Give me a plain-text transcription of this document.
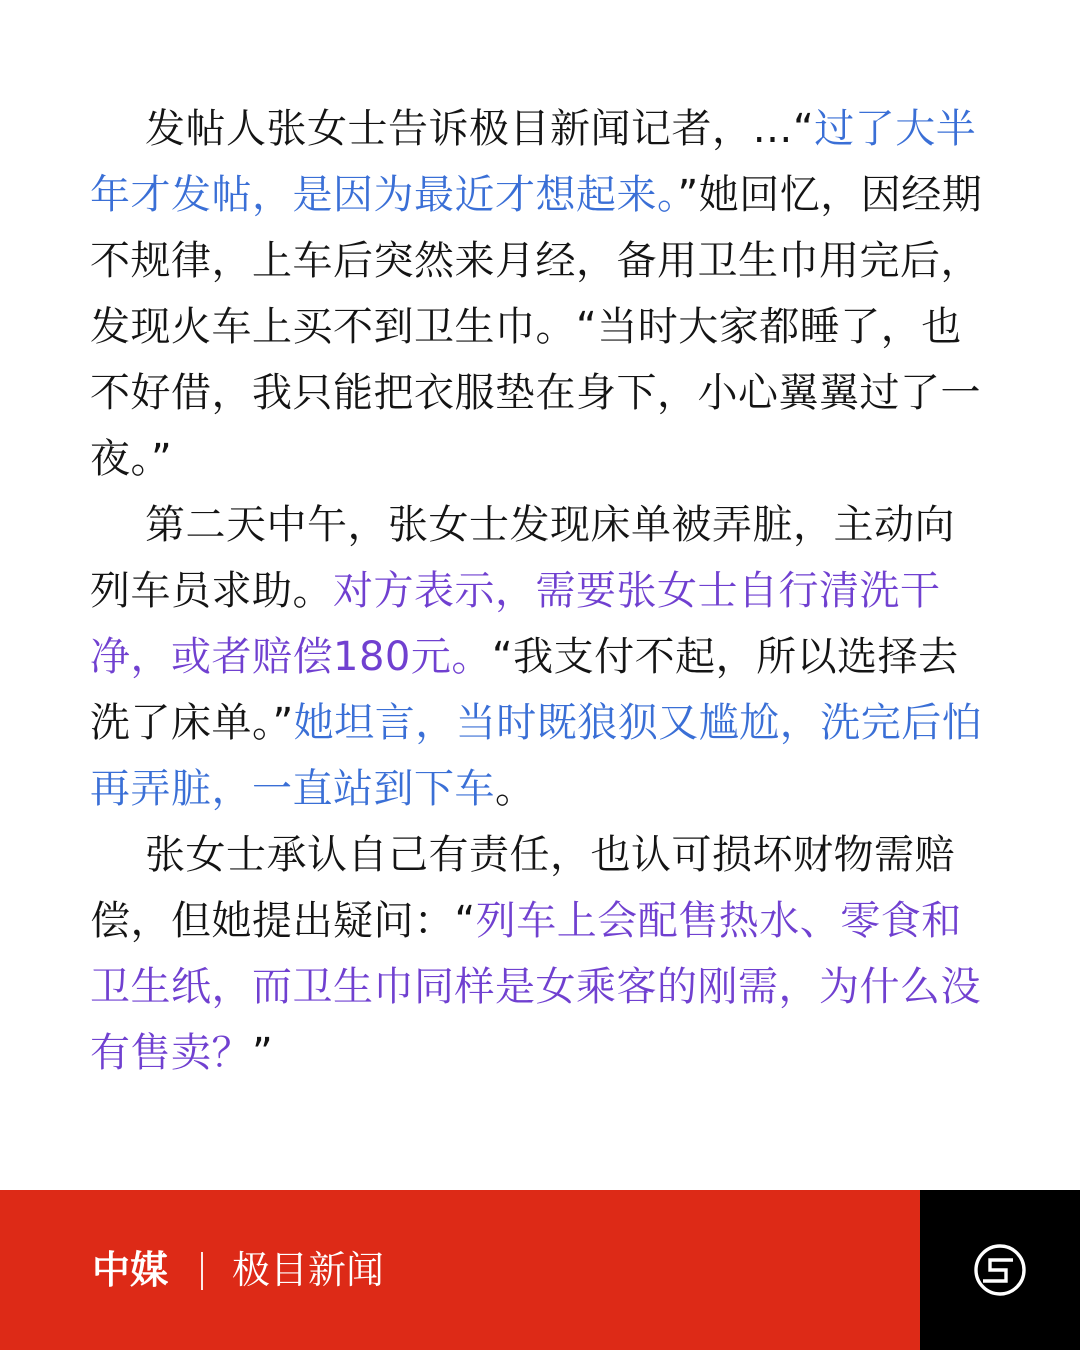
发帖人张女士告诉极目新闻记者，…“过了大半年才发帖，是因为最近才想起来。”她回忆，因经期不规律，上车后突然来月经，备用卫生巾用完后，发现火车上买不到卫生巾。“当时大家都睡了，也不好借，我只能把衣服垫在身下，小心翼翼过了一夜。”

第二天中午，张女士发现床单被弄脏，主动向列车员求助。对方表示，需要张女士自行清洗干净，或者赔偿180元。“我支付不起，所以选择去洗了床单。”她坦言，当时既狼狈又尴尬，洗完后怕再弄脏，一直站到下车。

张女士承认自己有责任，也认可损坏财物需赔偿，但她提出疑问：“列车上会配售热水、零食和卫生纸，而卫生巾同样是女乘客的刚需，为什么没有售卖？”

中媒 极目新闻
